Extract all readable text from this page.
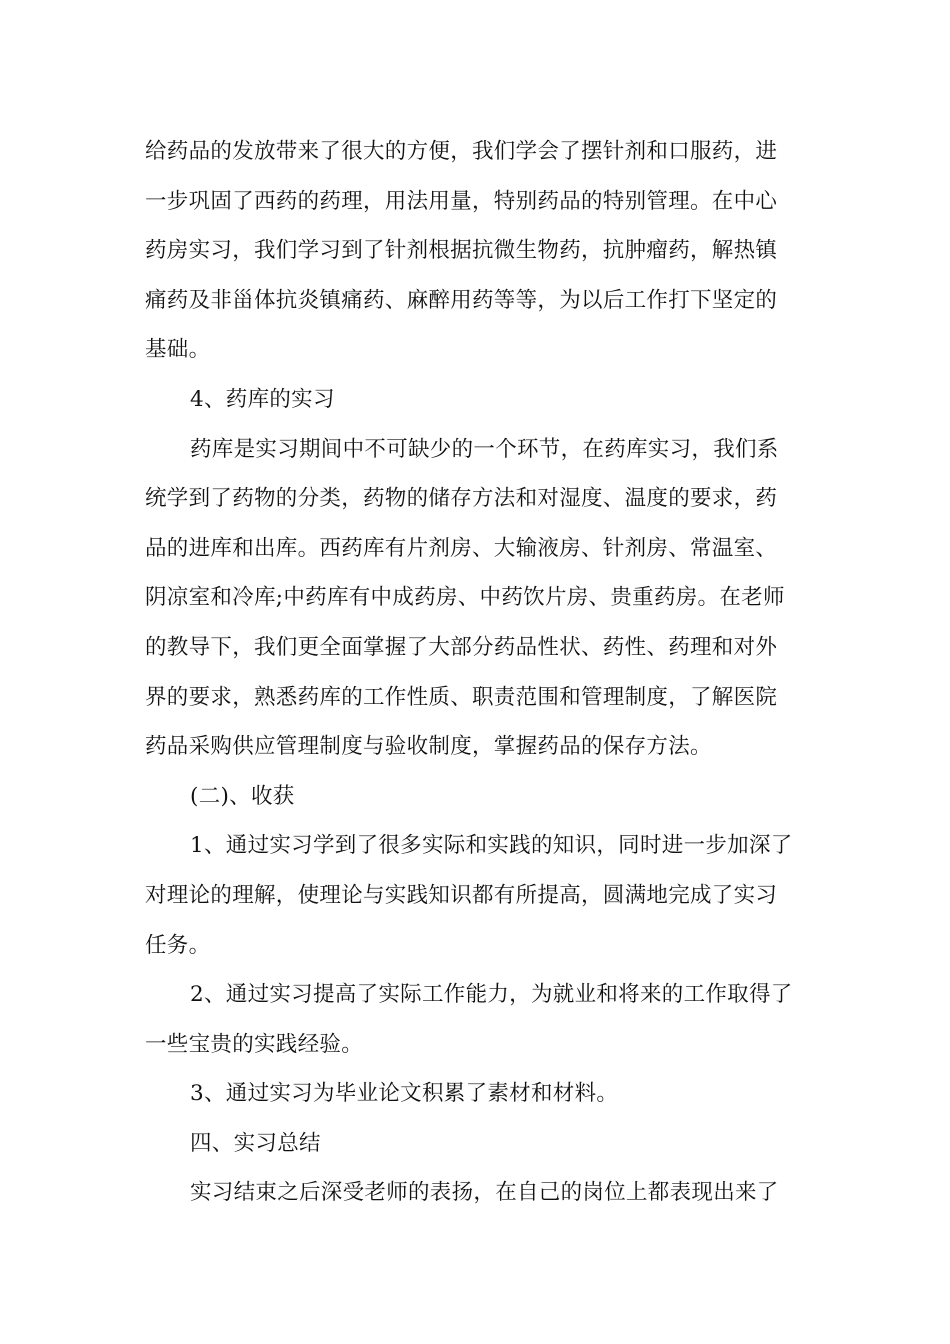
给药品的发放带来了很大的方便，我们学会了摆针剂和口服药，进
一步巩固了西药的药理，用法用量，特别药品的特别管理。在中心
药房实习，我们学习到了针剂根据抗微生物药，抗肿瘤药，解热镇
痛药及非甾体抗炎镇痛药、麻醉用药等等，为以后工作打下坚定的
基础。
4、药库的实习
药库是实习期间中不可缺少的一个环节，在药库实习，我们系
统学到了药物的分类，药物的储存方法和对湿度、温度的要求，药
品的进库和出库。西药库有片剂房、大输液房、针剂房、常温室、
阴凉室和冷库;中药库有中成药房、中药饮片房、贵重药房。在老师
的教导下，我们更全面掌握了大部分药品性状、药性、药理和对外
界的要求，熟悉药库的工作性质、职责范围和管理制度，了解医院
药品采购供应管理制度与验收制度，掌握药品的保存方法。
(二)、收获
1、通过实习学到了很多实际和实践的知识，同时进一步加深了
对理论的理解，使理论与实践知识都有所提高，圆满地完成了实习
任务。
2、通过实习提高了实际工作能力，为就业和将来的工作取得了
一些宝贵的实践经验。
3、通过实习为毕业论文积累了素材和材料。
四、实习总结
实习结束之后深受老师的表扬，在自己的岗位上都表现出来了
